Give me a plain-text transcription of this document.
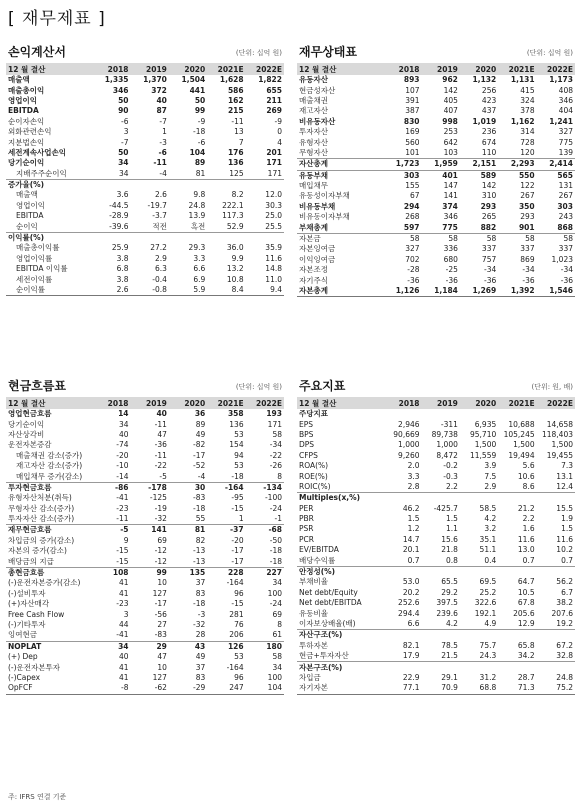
[ 재무제표 ]
손익계산서	(단위: 십억 원)
12 월 결산	2018	2019	2020	2021E	2022E
매출액	1,335	1,370	1,504	1,628	1,822
매출총이익	346	372	441	586	655
영업이익	50	40	50	162	211
EBITDA	90	87	99	215	269
순이자손익	-6	-7	-9	-11	-9
외화관련손익	3	1	-18	13	0
지분법손익	-7	-3	-6	7	4
세전계속사업손익	50	-6	104	176	201
당기순이익	34	-11	89	136	171
지배주주순이익	34	-4	81	125	171
증가율(%)					
매출액	3.6	2.6	9.8	8.2	12.0
영업이익	-44.5	-19.7	24.8	222.1	30.3
EBITDA	-28.9	-3.7	13.9	117.3	25.0
순이익	-39.6	적전	흑전	52.9	25.5
이익률(%)					
매출총이익률	25.9	27.2	29.3	36.0	35.9
영업이익률	3.8	2.9	3.3	9.9	11.6
EBITDA 이익률	6.8	6.3	6.6	13.2	14.8
세전이익률	3.8	-0.4	6.9	10.8	11.0
순이익률	2.6	-0.8	5.9	8.4	9.4
재무상태표	(단위: 십억 원)
12 월 결산	2018	2019	2020	2021E	2022E
유동자산	893	962	1,132	1,131	1,173
현금성자산	107	142	256	415	408
매출채권	391	405	423	324	346
재고자산	387	407	437	378	404
비유동자산	830	998	1,019	1,162	1,241
투자자산	169	253	236	314	327
유형자산	560	642	674	728	775
무형자산	101	103	110	120	139
자산총계	1,723	1,959	2,151	2,293	2,414
유동부채	303	401	589	550	565
매입채무	155	147	142	122	131
유동성이자부채	67	141	310	267	267
비유동부채	294	374	293	350	303
비유동이자부채	268	346	265	293	243
부채총계	597	775	882	901	868
자본금	58	58	58	58	58
자본잉여금	327	336	337	337	337
이익잉여금	702	680	757	869	1,023
자본조정	-28	-25	-34	-34	-34
자기주식	-36	-36	-36	-36	-36
자본총계	1,126	1,184	1,269	1,392	1,546
현금흐름표	(단위: 십억 원)
12 월 결산	2018	2019	2020	2021E	2022E
영업현금흐름	14	40	36	358	193
당기순이익	34	-11	89	136	171
자산상각비	40	47	49	53	58
운전자본증감	-74	-36	-82	154	-34
매출채권 감소(증가)	-20	-11	-17	94	-22
재고자산 감소(증가)	-10	-22	-52	53	-26
매입채무 증가(감소)	-14	-5	-4	-18	8
투자현금흐름	-86	-178	30	-164	-134
유형자산처분(취득)	-41	-125	-83	-95	-100
무형자산 감소(증가)	-23	-19	-18	-15	-24
투자자산 감소(증가)	-11	-32	55	1	-1
재무현금흐름	-5	141	81	-37	-68
차입금의 증가(감소)	9	69	82	-20	-50
자본의 증가(감소)	-15	-12	-13	-17	-18
배당금의 지급	-15	-12	-13	-17	-18
총현금흐름	108	99	135	228	227
(-)운전자본증가(감소)	41	10	37	-164	34
(-)설비투자	41	127	83	96	100
(+)자산매각	-23	-17	-18	-15	-24
Free Cash Flow	3	-56	-3	281	69
(-)기타투자	44	27	-32	76	8
잉여현금	-41	-83	28	206	61
NOPLAT	34	29	43	126	180
(+) Dep	40	47	49	53	58
(-)운전자본투자	41	10	37	-164	34
(-)Capex	41	127	83	96	100
OpFCF	-8	-62	-29	247	104
주요지표	(단위: 원, 배)
12 월 결산	2018	2019	2020	2021E	2022E
주당지표					
EPS	2,946	-311	6,935	10,688	14,658
BPS	90,669	89,738	95,710	105,245	118,403
DPS	1,000	1,000	1,500	1,500	1,500
CFPS	9,260	8,472	11,559	19,494	19,455
ROA(%)	2.0	-0.2	3.9	5.6	7.3
ROE(%)	3.3	-0.3	7.5	10.6	13.1
ROIC(%)	2.8	2.2	2.9	8.6	12.4
Multiples(x,%)					
PER	46.2	-425.7	58.5	21.2	15.5
PBR	1.5	1.5	4.2	2.2	1.9
PSR	1.2	1.1	3.2	1.6	1.5
PCR	14.7	15.6	35.1	11.6	11.6
EV/EBITDA	20.1	21.8	51.1	13.0	10.2
배당수익률	0.7	0.8	0.4	0.7	0.7
안정성(%)					
부채비율	53.0	65.5	69.5	64.7	56.2
Net debt/Equity	20.2	29.2	25.2	10.5	6.7
Net debt/EBITDA	252.6	397.5	322.6	67.8	38.2
유동비율	294.4	239.6	192.1	205.6	207.6
이자보상배율(배)	6.6	4.2	4.9	12.9	19.2
자산구조(%)					
투하자본	82.1	78.5	75.7	65.8	67.2
현금+투자자산	17.9	21.5	24.3	34.2	32.8
자본구조(%)					
차입금	22.9	29.1	31.2	28.7	24.8
자기자본	77.1	70.9	68.8	71.3	75.2
주: IFRS 연결 기준
